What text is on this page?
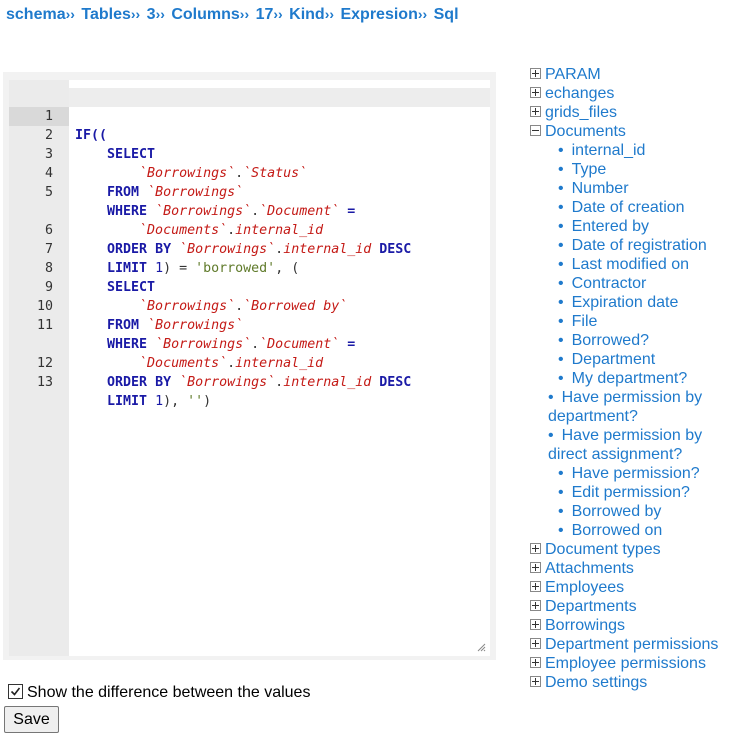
schema›› Tables›› 3›› Columns›› 17›› Kind›› Expresion›› Sql

1

IF((

2

SELECT

3

`Borrowings`.`Status`

4

FROM `Borrowings`

5

WHERE `Borrowings`.`Document` =

`Documents`.internal_id

6

ORDER BY `Borrowings`.internal_id DESC

7

LIMIT 1) = 'borrowed', (

8

SELECT

9

`Borrowings`.`Borrowed by`

10

FROM `Borrowings`

11

WHERE `Borrowings`.`Document` =

`Documents`.internal_id

12

ORDER BY `Borrowings`.internal_id DESC

13

LIMIT 1), '')

PARAM
echanges
grids_files
Documents
• internal_id
• Type
• Number
• Date of creation
• Entered by
• Date of registration
• Last modified on
• Contractor
• Expiration date
• File
• Borrowed?
• Department
• My department?
• Have permission by
department?
• Have permission by
direct assignment?
• Have permission?
• Edit permission?
• Borrowed by
• Borrowed on
Document types
Attachments
Employees
Departments
Borrowings
Department permissions
Employee permissions
Demo settings
Show the difference between the values
Save
